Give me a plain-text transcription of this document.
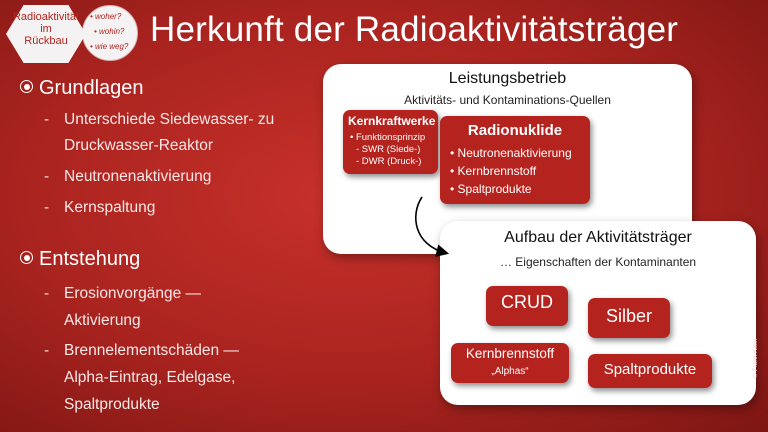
Radioaktivität
im
Rückbau
• woher?
• wohin?
• wie weg? Herkunft der Radioaktivitätsträger
Grundlagen
- Unterschiede Siedewasser- zu
Druckwasser-Reaktor
- Neutronenaktivierung
- Kernspaltung
Entstehung
- Erosionvorgänge —
Aktivierung
- Brennelementschäden —
Alpha-Eintrag, Edelgase,
Spaltprodukte
Leistungsbetrieb
Aktivitäts- und Kontaminations-Quellen
Kernkraftwerke
• Funktionsprinzip
- SWR (Siede-)
- DWR (Druck-)
Radionuklide
• Neutronenaktivierung
• Kernbrennstoff
• Spaltprodukte
Aufbau der Aktivitätsträger
… Eigenschaften der Kontaminanten
CRUD
Silber
Kernbrennstoff
„Alphas“	Spaltprodukte	© Frank Klein
